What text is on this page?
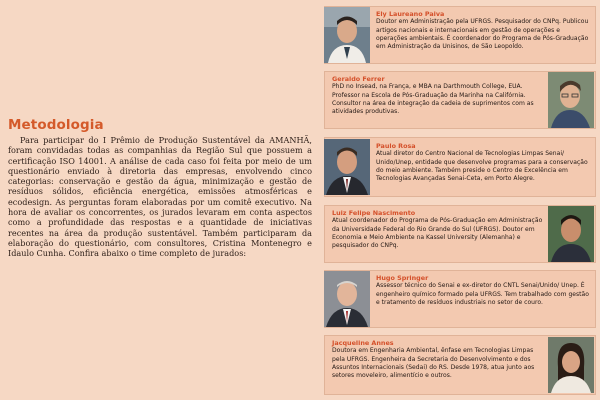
Metodologia

Para participar do I Prêmio de Produção Sustentável da AMANHÃ, foram convidadas todas as companhias da Região Sul que possuem a certificação ISO 14001. A análise de cada caso foi feita por meio de um questionário enviado à diretoria das empresas, envolvendo cinco categorias: conservação e gestão da água, minimização e gestão de resíduos sólidos, eficiência energética, emissões atmosféricas e ecodesign. As perguntas foram elaboradas por um comitê executivo. Na hora de avaliar os concorrentes, os jurados levaram em conta aspectos como a profundidade das respostas e a quantidade de iniciativas recentes na área da produção sustentável. Também participaram da elaboração do questionário, com consultores, Cristina Montenegro e Idaulo Cunha. Confira abaixo o time completo de jurados:

Ely Laureano Paiva
Doutor em Administração pela UFRGS. Pesquisador do CNPq. Publicou artigos nacionais e internacionais em gestão de operações e operações ambientais. É coordenador do Programa de Pós-Graduação em Administração da Unisinos, de São Leopoldo.
Geraldo Ferrer
PhD no Insead, na França, e MBA na Darthmouth College, EUA. Professor na Escola de Pós-Graduação da Marinha na Califórnia. Consultor na área de integração da cadeia de suprimentos com as atividades produtivas.
Paulo Rosa
Atual diretor do Centro Nacional de Tecnologias Limpas Senai/ Unido/Unep, entidade que desenvolve programas para a conservação do meio ambiente. Também preside o Centro de Excelência em Tecnologias Avançadas Senai-Ceta, em Porto Alegre.
Luiz Felipe Nascimento
Atual coordenador do Programa de Pós-Graduação em Administração da Universidade Federal do Rio Grande do Sul (UFRGS). Doutor em Economia e Meio Ambiente na Kassel University (Alemanha) e pesquisador do CNPq.
Hugo Springer
Assessor técnico do Senai e ex-diretor do CNTL Senai/Unido/ Unep. É engenheiro químico formado pela UFRGS. Tem trabalhado com gestão e tratamento de resíduos industriais no setor de couro.
Jacqueline Annes
Doutora em Engenharia Ambiental, ênfase em Tecnologias Limpas pela UFRGS. Engenheira da Secretaria do Desenvolvimento e dos Assuntos Internacionais (Sedai) do RS. Desde 1978, atua junto aos setores moveleiro, alimentício e outros.
